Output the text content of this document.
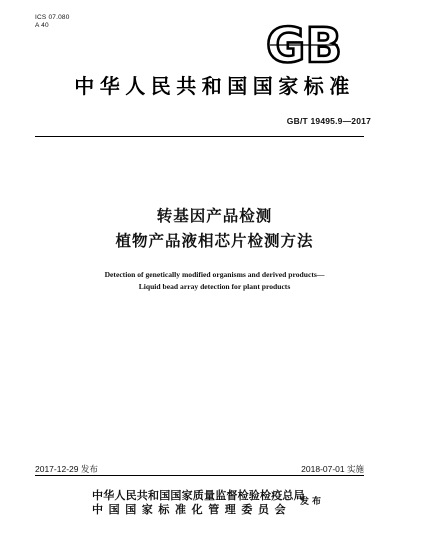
ICS 07.080
A 40	GB
中华人民共和国国家标准
GB/T 19495.9—2017
转基因产品检测
植物产品液相芯片检测方法
Detection of genetically modified organisms and derived products—
Liquid bead array detection for plant products
2017-12-29 发布	2018-07-01 实施
中华人民共和国国家质量监督检验检疫总局
中国国家标准化管理委员会
发布
